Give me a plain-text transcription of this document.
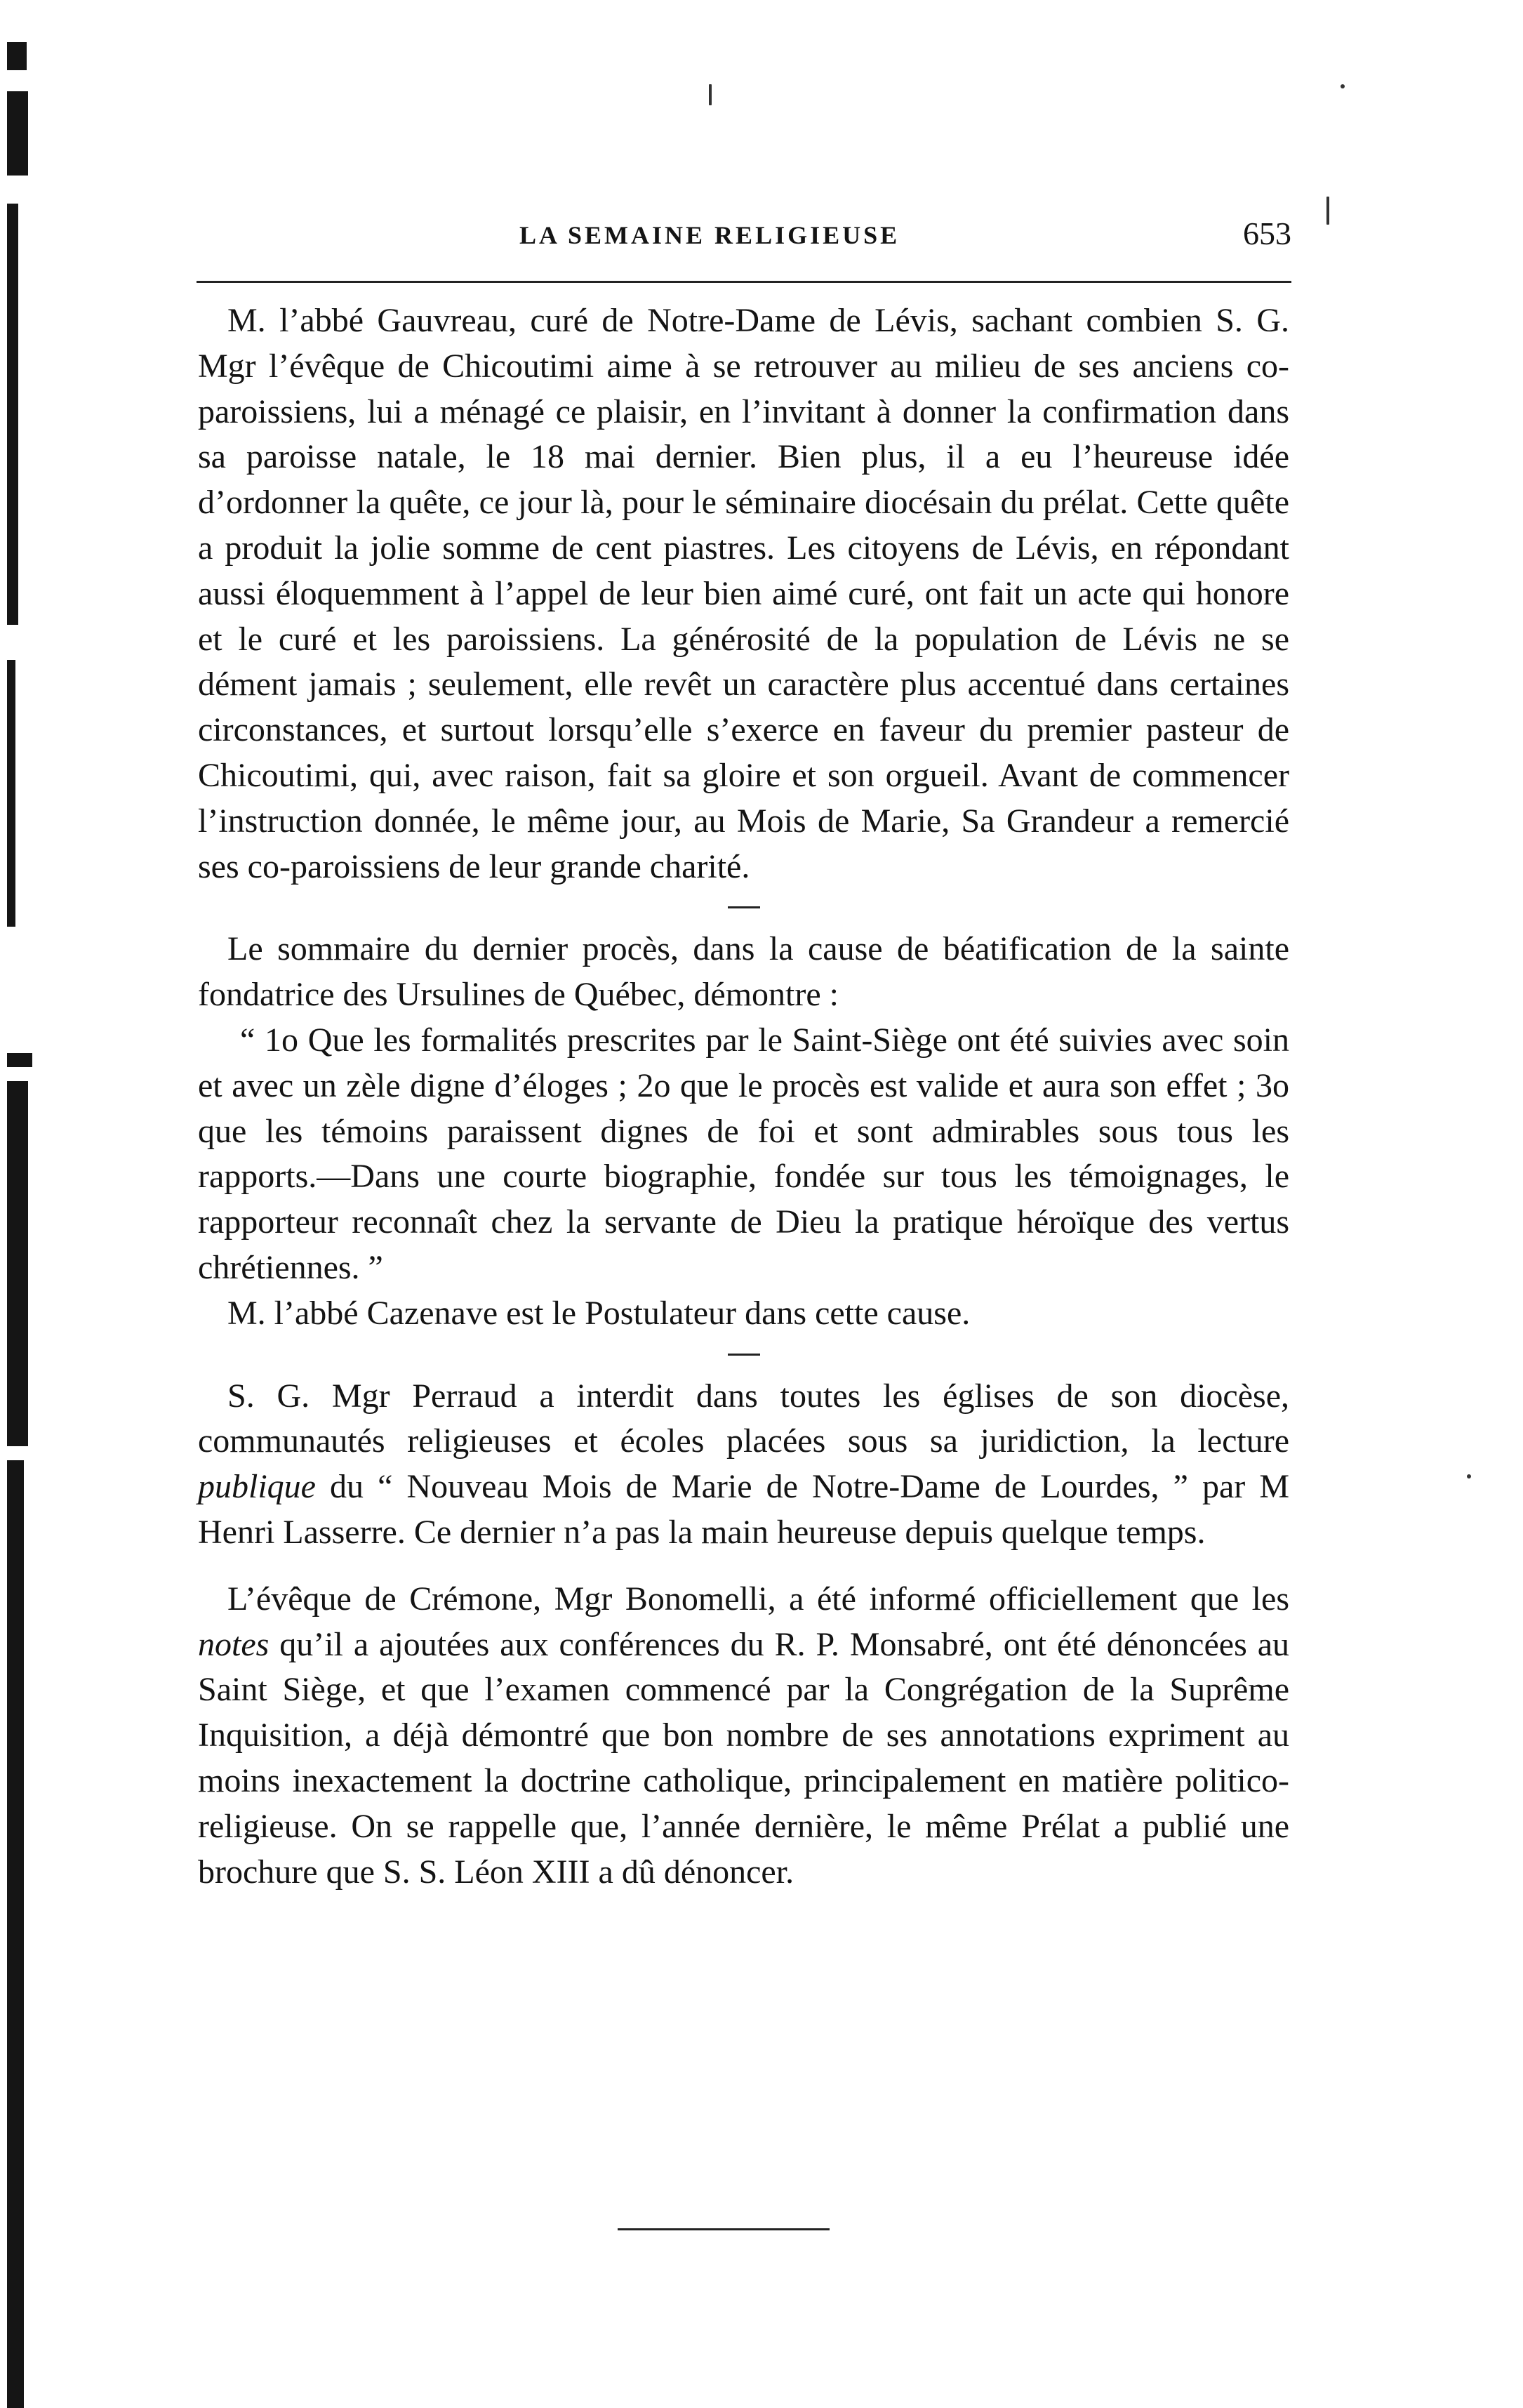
LA SEMAINE RELIGIEUSE	653

M. l’abbé Gauvreau, curé de Notre-Dame de Lévis, sachant combien S. G. Mgr l’évêque de Chicoutimi aime à se retrouver au milieu de ses anciens co-paroissiens, lui a ménagé ce plaisir, en l’invitant à donner la confirmation dans sa paroisse natale, le 18 mai dernier. Bien plus, il a eu l’heureuse idée d’ordonner la quête, ce jour là, pour le séminaire diocésain du prélat. Cette quête a produit la jolie somme de cent piastres. Les citoyens de Lévis, en répondant aussi éloquemment à l’appel de leur bien aimé curé, ont fait un acte qui honore et le curé et les paroissiens. La générosité de la population de Lévis ne se dément jamais ; seulement, elle revêt un caractère plus accentué dans certaines circonstances, et surtout lorsqu’elle s’exerce en faveur du premier pasteur de Chicoutimi, qui, avec raison, fait sa gloire et son orgueil. Avant de commencer l’instruction donnée, le même jour, au Mois de Marie, Sa Grandeur a remercié ses co-paroissiens de leur grande charité.

Le sommaire du dernier procès, dans la cause de béatification de la sainte fondatrice des Ursulines de Québec, démontre :

“ 1o Que les formalités prescrites par le Saint-Siège ont été suivies avec soin et avec un zèle digne d’éloges ; 2o que le procès est valide et aura son effet ; 3o que les témoins paraissent dignes de foi et sont admirables sous tous les rapports.—Dans une courte biographie, fondée sur tous les témoignages, le rapporteur reconnaît chez la servante de Dieu la pratique héroïque des vertus chrétiennes. ”

M. l’abbé Cazenave est le Postulateur dans cette cause.

S. G. Mgr Perraud a interdit dans toutes les églises de son diocèse, communautés religieuses et écoles placées sous sa juridiction, la lecture publique du “ Nouveau Mois de Marie de Notre-Dame de Lourdes, ” par M Henri Lasserre. Ce dernier n’a pas la main heureuse depuis quelque temps.

L’évêque de Crémone, Mgr Bonomelli, a été informé officiellement que les notes qu’il a ajoutées aux conférences du R. P. Monsabré, ont été dénoncées au Saint Siège, et que l’examen commencé par la Congrégation de la Suprême Inquisition, a déjà démontré que bon nombre de ses annotations expriment au moins inexactement la doctrine catholique, principalement en matière politico-religieuse. On se rappelle que, l’année dernière, le même Prélat a publié une brochure que S. S. Léon XIII a dû dénoncer.
